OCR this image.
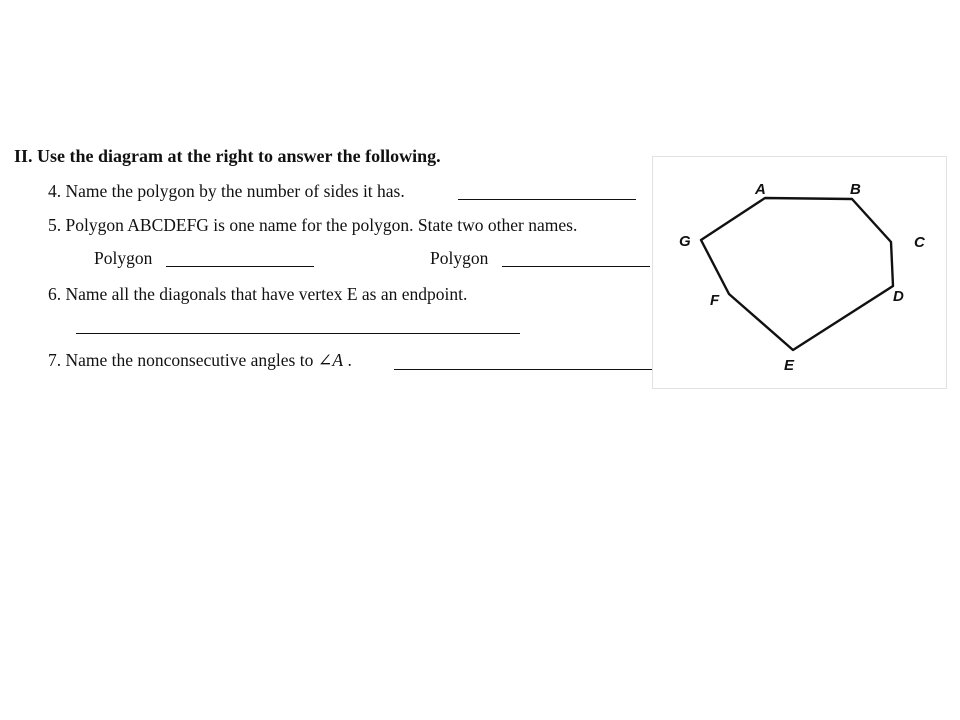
II. Use the diagram at the right to answer the following.
4. Name the polygon by the number of sides it has.
5. Polygon ABCDEFG is one name for the polygon. State two other names.
Polygon	Polygon
6. Name all the diagonals that have vertex E as an endpoint.
7. Name the nonconsecutive angles to ∠A .
A	B
C
D
E
F
G
